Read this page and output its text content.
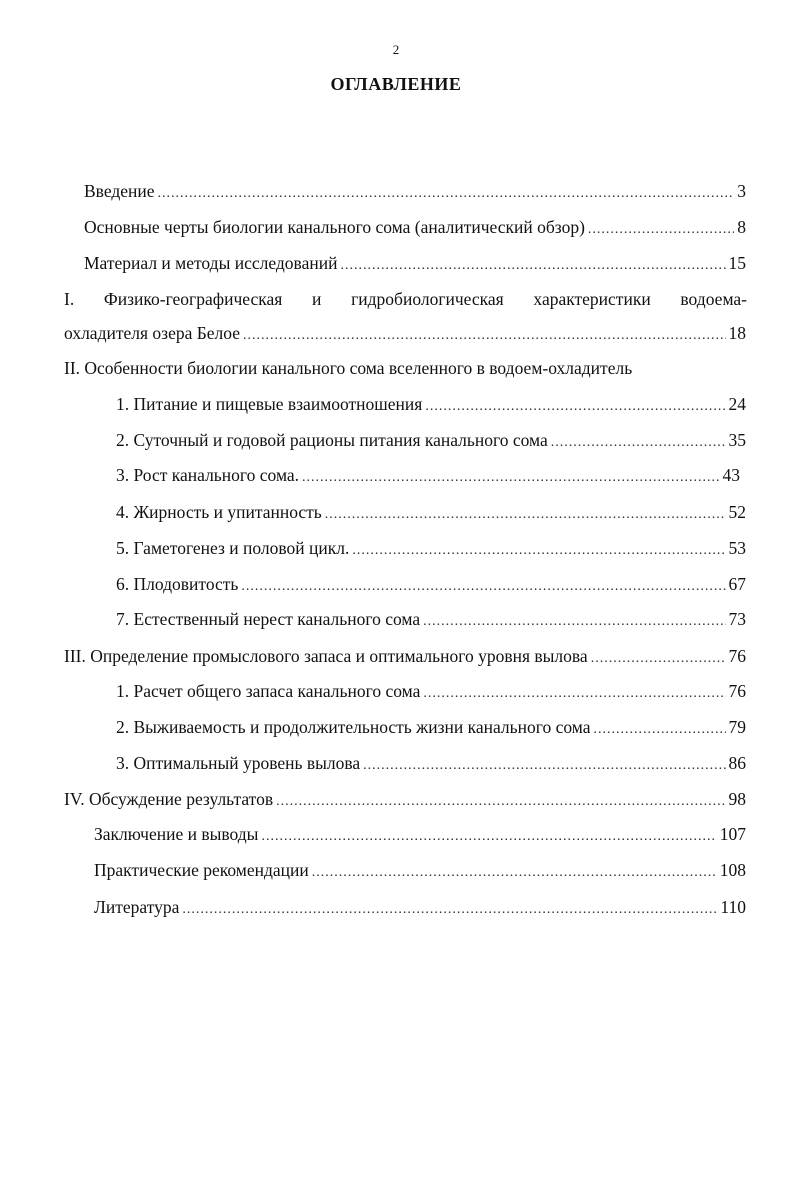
2
ОГЛАВЛЕНИЕ
Введение .....	3
Основные черты биологии канального сома (аналитический обзор) .....	8
Материал и методы исследований .....	15
I. Физико-географическая и гидробиологическая характеристики водоема-
охладителя озера Белое .....	18
II. Особенности биологии канального сома вселенного в водоем-охладитель
1. Питание и пищевые взаимоотношения .....	24
2. Суточный и годовой рационы питания канального сома .....	35
3. Рост канального сома. .....	43
4. Жирность и упитанность .....	52
5. Гаметогенез и половой цикл. .....	53
6. Плодовитость .....	67
7. Естественный нерест канального сома .....	73
III. Определение промыслового запаса и оптимального уровня вылова .....	76
1. Расчет общего запаса канального сома .....	76
2. Выживаемость и продолжительность жизни канального сома .....	79
3. Оптимальный уровень вылова .....	86
IV. Обсуждение результатов .....	98
Заключение и выводы .....	107
Практические рекомендации .....	108
Литература .....	110
